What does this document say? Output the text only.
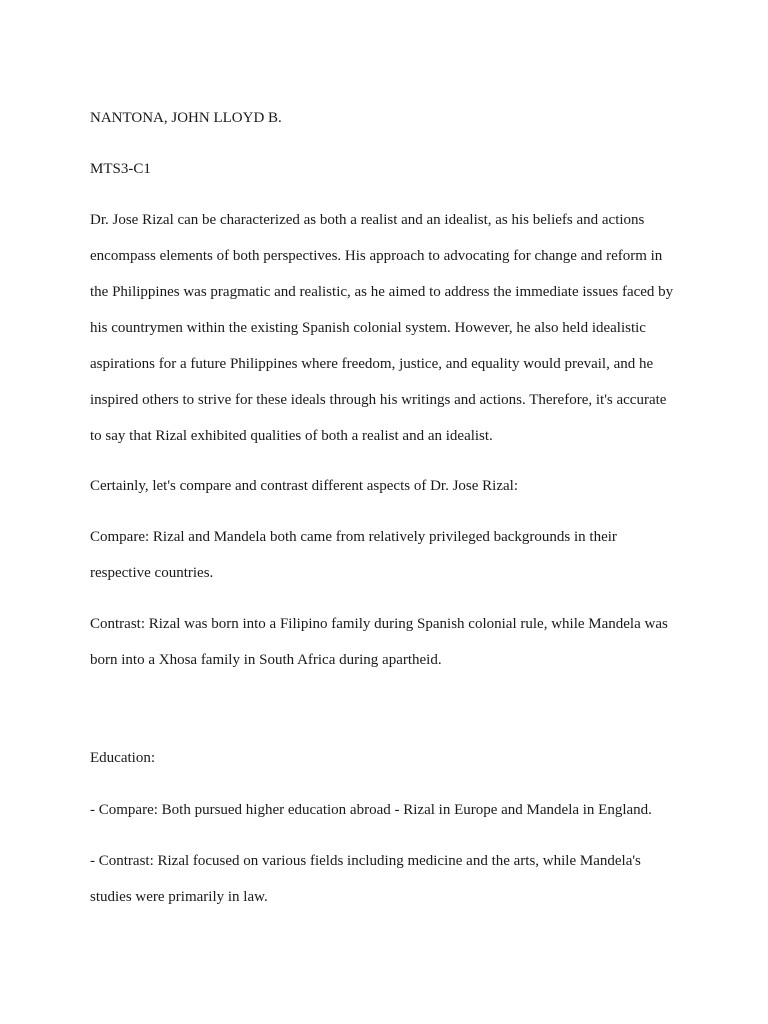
NANTONA, JOHN LLOYD B.

MTS3-C1

Dr. Jose Rizal can be characterized as both a realist and an idealist, as his beliefs and actions
encompass elements of both perspectives. His approach to advocating for change and reform in
the Philippines was pragmatic and realistic, as he aimed to address the immediate issues faced by
his countrymen within the existing Spanish colonial system. However, he also held idealistic
aspirations for a future Philippines where freedom, justice, and equality would prevail, and he
inspired others to strive for these ideals through his writings and actions. Therefore, it's accurate
to say that Rizal exhibited qualities of both a realist and an idealist.

Certainly, let's compare and contrast different aspects of Dr. Jose Rizal:

Compare: Rizal and Mandela both came from relatively privileged backgrounds in their
respective countries.

Contrast: Rizal was born into a Filipino family during Spanish colonial rule, while Mandela was
born into a Xhosa family in South Africa during apartheid.

Education:

- Compare: Both pursued higher education abroad - Rizal in Europe and Mandela in England.

- Contrast: Rizal focused on various fields including medicine and the arts, while Mandela's
studies were primarily in law.
